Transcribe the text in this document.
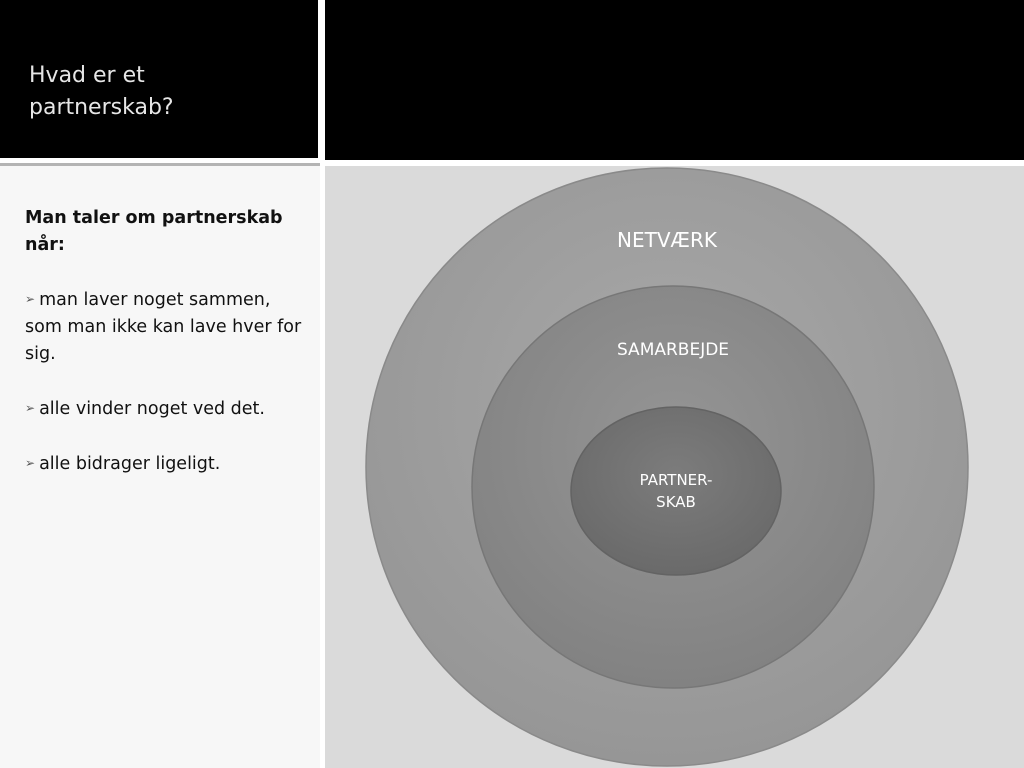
Hvad er et
partnerskab?

Man taler om partnerskab når:

➢ man laver noget sammen, som man ikke kan lave hver for sig.

➢ alle vinder noget ved det.

➢ alle bidrager ligeligt.

NETVÆRK
SAMARBEJDE
PARTNER-
SKAB
